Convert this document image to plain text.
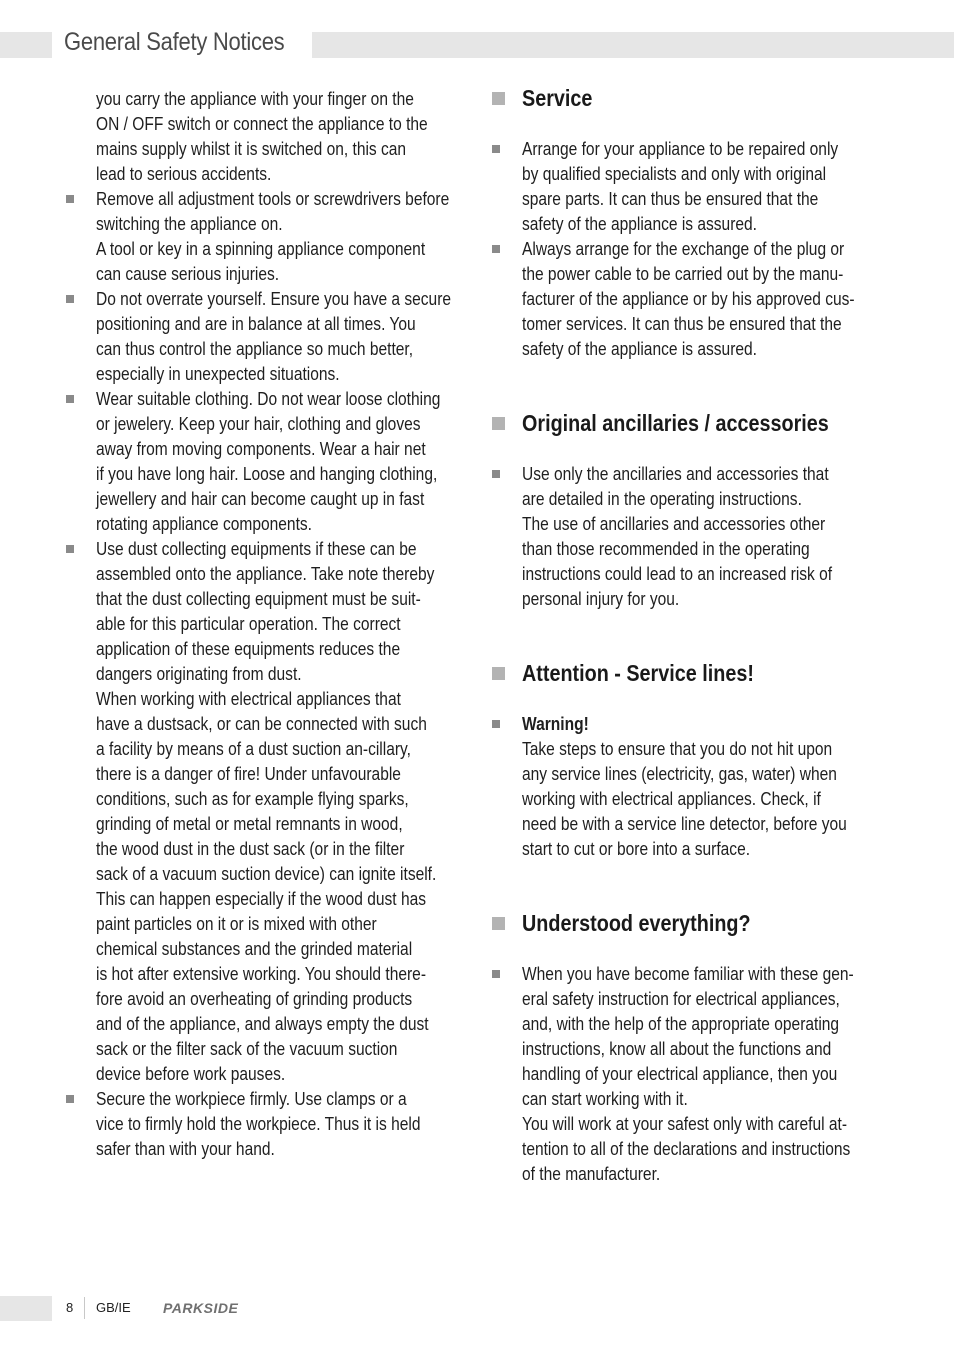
General Safety Notices
you carry the appliance with your finger on the
ON / OFF switch or connect the appliance to the
mains supply whilst it is switched on, this can
lead to serious accidents.
Remove all adjustment tools or screwdrivers before
switching the appliance on.
A tool or key in a spinning appliance component
can cause serious injuries.
Do not overrate yourself. Ensure you have a secure
positioning and are in balance at all times. You
can thus control the appliance so much better,
especially in unexpected situations.
Wear suitable clothing. Do not wear loose clothing
or jewelery. Keep your hair, clothing and gloves
away from moving components. Wear a hair net
if you have long hair. Loose and hanging clothing,
jewellery and hair can become caught up in fast
rotating appliance components.
Use dust collecting equipments if these can be
assembled onto the appliance. Take note thereby
that the dust collecting equipment must be suit-
able for this particular operation. The correct
application of these equipments reduces the
dangers originating from dust.
When working with electrical appliances that
have a dustsack, or can be connected with such
a facility by means of a dust suction an-cillary,
there is a danger of fire! Under unfavourable
conditions, such as for example flying sparks,
grinding of metal or metal remnants in wood,
the wood dust in the dust sack (or in the filter
sack of a vacuum suction device) can ignite itself.
This can happen especially if the wood dust has
paint particles on it or is mixed with other
chemical substances and the grinded material
is hot after extensive working. You should there-
fore avoid an overheating of grinding products
and of the appliance, and always empty the dust
sack or the filter sack of the vacuum suction
device before work pauses.
Secure the workpiece firmly. Use clamps or a
vice to firmly hold the workpiece. Thus it is held
safer than with your hand.
Service
Arrange for your appliance to be repaired only
by qualified specialists and only with original
spare parts. It can thus be ensured that the
safety of the appliance is assured.
Always arrange for the exchange of the plug or
the power cable to be carried out by the manu-
facturer of the appliance or by his approved cus-
tomer services. It can thus be ensured that the
safety of the appliance is assured.
Original ancillaries / accessories
Use only the ancillaries and accessories that
are detailed in the operating instructions.
The use of ancillaries and accessories other
than those recommended in the operating
instructions could lead to an increased risk of
personal injury for you.
Attention - Service lines!
Warning!
Take steps to ensure that you do not hit upon
any service lines (electricity, gas, water) when
working with electrical appliances. Check, if
need be with a service line detector, before you
start to cut or bore into a surface.
Understood everything?
When you have become familiar with these gen-
eral safety instruction for electrical appliances,
and, with the help of the appropriate operating
instructions, know all about the functions and
handling of your electrical appliance, then you
can start working with it.
You will work at your safest only with careful at-
tention to all of the declarations and instructions
of the manufacturer.
8 GB/IE PARKSIDE
